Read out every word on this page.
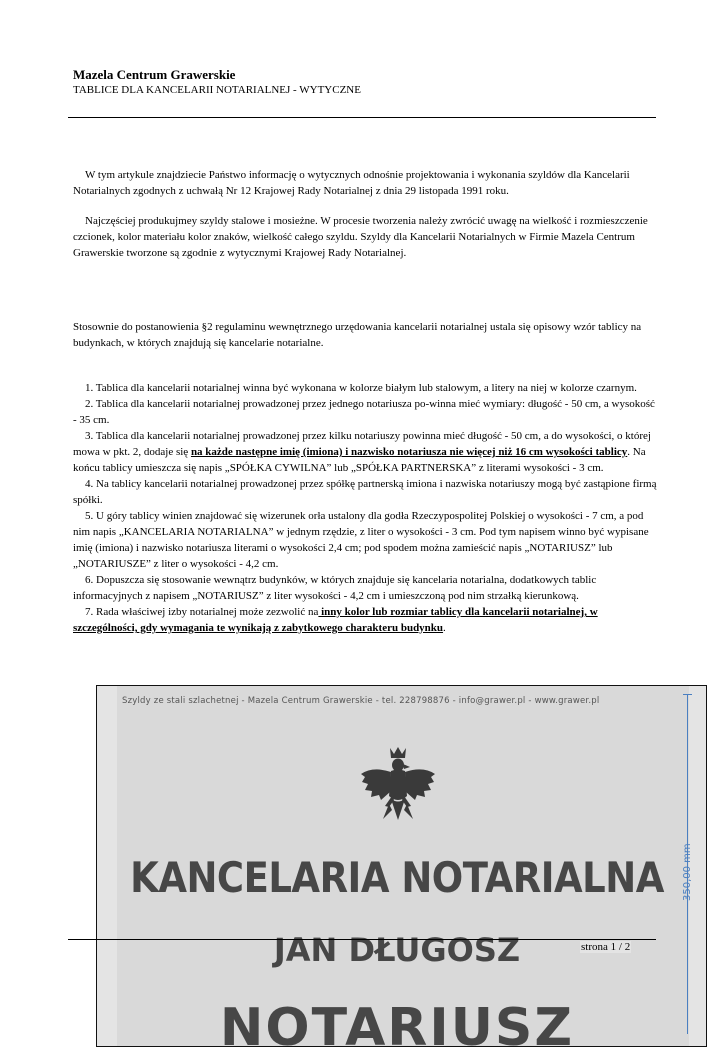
Mazela Centrum Grawerskie
TABLICE DLA KANCELARII NOTARIALNEJ - WYTYCZNE
W tym artykule znajdziecie Państwo informację o wytycznych odnośnie projektowania i wykonania szyldów dla Kancelarii Notarialnych zgodnych z uchwałą Nr 12 Krajowej Rady Notarialnej z dnia 29 listopada 1991 roku.
Najczęściej produkujmey szyldy stalowe i mosieżne. W procesie tworzenia należy zwrócić uwagę na wielkość i rozmieszczenie czcionek, kolor materiału kolor znaków, wielkość całego szyldu. Szyldy dla Kancelarii Notarialnych w Firmie Mazela Centrum Grawerskie tworzone są zgodnie z wytycznymi Krajowej Rady Notarialnej.
Stosownie do postanowienia §2 regulaminu wewnętrznego urzędowania kancelarii notarialnej ustala się opisowy wzór tablicy na budynkach, w których znajdują się kancelarie notarialne.

1. Tablica dla kancelarii notarialnej winna być wykonana w kolorze białym lub stalowym, a litery na niej w kolorze czarnym.

2. Tablica dla kancelarii notarialnej prowadzonej przez jednego notariusza po-winna mieć wymiary: długość - 50 cm, a wysokość - 35 cm.

3. Tablica dla kancelarii notarialnej prowadzonej przez kilku notariuszy powinna mieć długość - 50 cm, a do wysokości, o której mowa w pkt. 2, dodaje się na każde następne imię (imiona) i nazwisko notariusza nie więcej niż 16 cm wysokości tablicy. Na końcu tablicy umieszcza się napis „SPÓŁKA CYWILNA” lub „SPÓŁKA PARTNERSKA” z literami wysokości - 3 cm.

4. Na tablicy kancelarii notarialnej prowadzonej przez spółkę partnerską imiona i nazwiska notariuszy mogą być zastąpione firmą spółki.

5. U góry tablicy winien znajdować się wizerunek orła ustalony dla godła Rzeczypospolitej Polskiej o wysokości - 7 cm, a pod nim napis „KANCELARIA NOTARIALNA” w jednym rzędzie, z liter o wysokości - 3 cm. Pod tym napisem winno być wypisane imię (imiona) i nazwisko notariusza literami o wysokości 2,4 cm; pod spodem można zamieścić napis „NOTARIUSZ” lub „NOTARIUSZE” z liter o wysokości - 4,2 cm.

6. Dopuszcza się stosowanie wewnątrz budynków, w których znajduje się kancelaria notarialna, dodatkowych tablic informacyjnych z napisem „NOTARIUSZ” z liter wysokości - 4,2 cm i umieszczoną pod nim strzałką kierunkową.

7. Rada właściwej izby notarialnej może zezwolić na inny kolor lub rozmiar tablicy dla kancelarii notarialnej, w szczególności, gdy wymagania te wynikają z zabytkowego charakteru budynku.

Szyldy ze stali szlachetnej - Mazela Centrum Grawerskie - tel. 228798876 - info@grawer.pl - www.grawer.pl
KANCELARIA NOTARIALNA
JAN DŁUGOSZ
NOTARIUSZ
350,00 mm
strona 1 / 2
